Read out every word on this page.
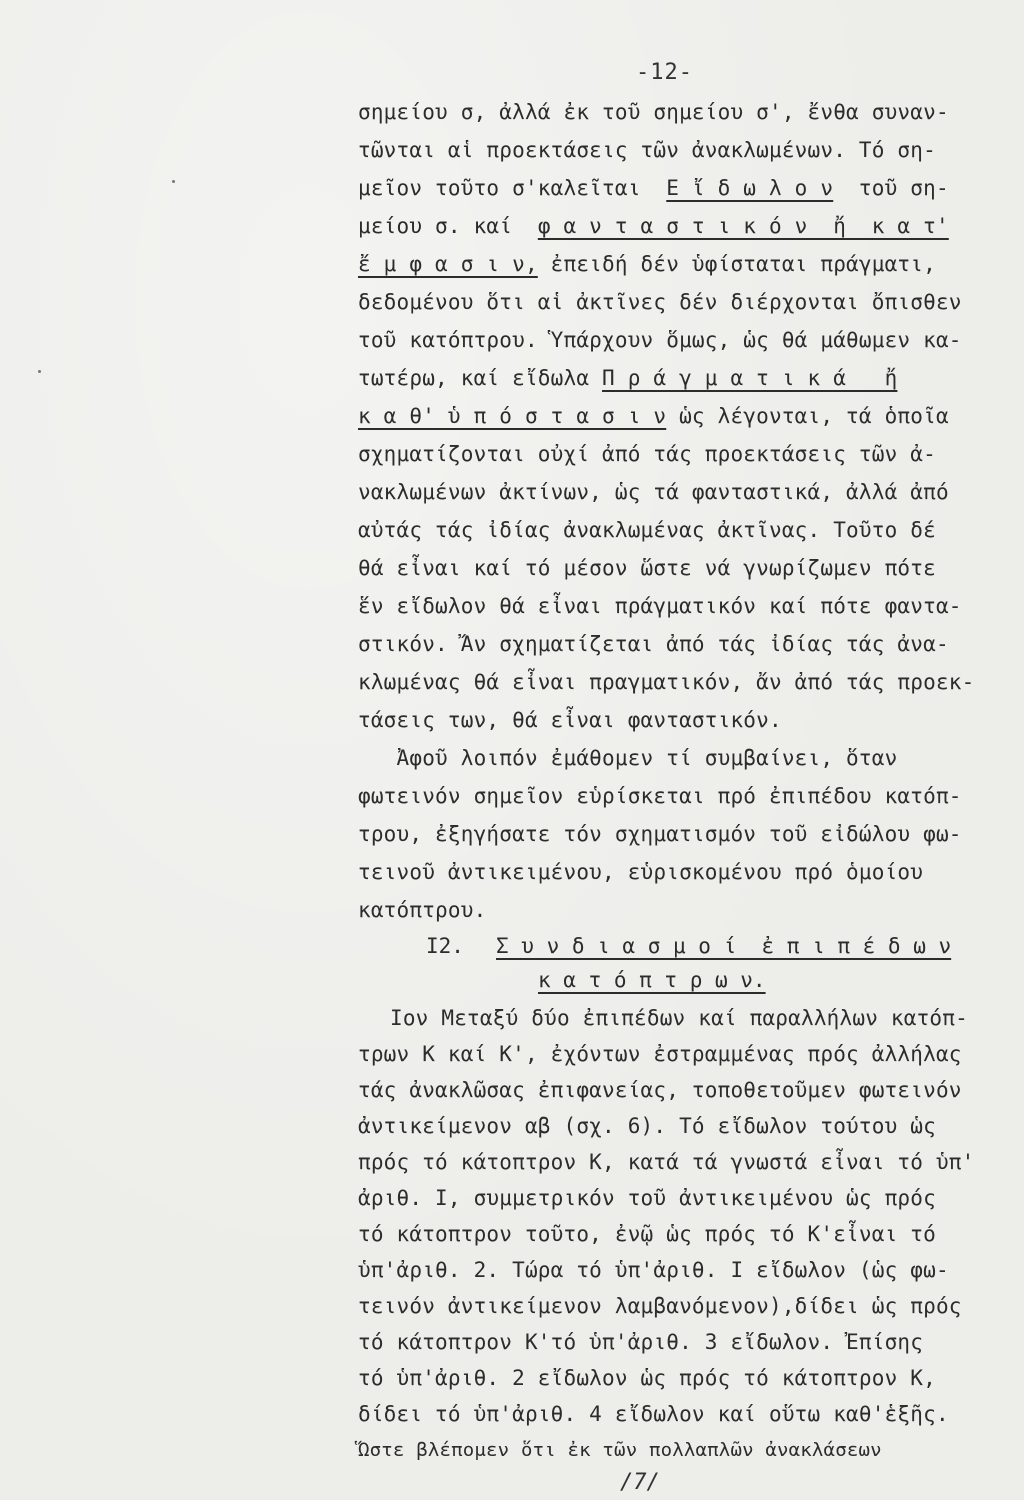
-12-
σημείου σ, ἀλλά ἐκ τοῦ σημείου σ', ἔνθα συναν-
τῶνται αἱ προεκτάσεις τῶν ἀνακλωμένων. Τό ση-
μεῖον τοῦτο σ'καλεῖται Ε ἴ δ ω λ ο ν τοῦ ση-
μείου σ. καί φ α ν τ α σ τ ι κ ό ν  ἤ  κ α τ'
ἔ μ φ α σ ι ν, ἐπειδή δέν ὑφίσταται πράγματι,
δεδομένου ὅτι αἱ ἀκτῖνες δέν διέρχονται ὄπισθεν
τοῦ κατόπτρου. Ὑπάρχουν ὅμως, ὡς θά μάθωμεν κα-
τωτέρω, καί εἴδωλα Π ρ ά γ μ α τ ι κ ά   ἤ
κ α θ' ὑ π ό σ τ α σ ι ν ὡς λέγονται, τά ὁποῖα
σχηματίζονται οὐχί ἀπό τάς προεκτάσεις τῶν ἀ-
νακλωμένων ἀκτίνων, ὡς τά φανταστικά, ἀλλά ἀπό
αὐτάς τάς ἰδίας ἀνακλωμένας ἀκτῖνας. Τοῦτο δέ
θά εἶναι καί τό μέσον ὥστε νά γνωρίζωμεν πότε
ἕν εἴδωλον θά εἶναι πράγματικόν καί πότε φαντα-
στικόν. Ἄν σχηματίζεται ἀπό τάς ἰδίας τάς ἀνα-
κλωμένας θά εἶναι πραγματικόν, ἄν ἀπό τάς προεκ-
τάσεις των, θά εἶναι φανταστικόν.
Ἀφοῦ λοιπόν ἐμάθομεν τί συμβαίνει, ὅταν
φωτεινόν σημεῖον εὑρίσκεται πρό ἐπιπέδου κατόπ-
τρου, ἐξηγήσατε τόν σχηματισμόν τοῦ εἰδώλου φω-
τεινοῦ ἀντικειμένου, εὑρισκομένου πρό ὁμοίου
κατόπτρου.
I2. Σ υ ν δ ι α σ μ ο ί  ἐ π ι π έ δ ω ν
κ α τ ό π τ ρ ω ν.
Ιον Μεταξύ δύο ἐπιπέδων καί παραλλήλων κατόπ-
τρων Κ καί Κ', ἐχόντων ἐστραμμένας πρός ἀλλήλας
τάς ἀνακλῶσας ἐπιφανείας, τοποθετοῦμεν φωτεινόν
ἀντικείμενον αβ (σχ. 6). Τό εἴδωλον τούτου ὡς
πρός τό κάτοπτρον Κ, κατά τά γνωστά εἶναι τό ὑπ'
ἀριθ. Ι, συμμετρικόν τοῦ ἀντικειμένου ὡς πρός
τό κάτοπτρον τοῦτο, ἐνῷ ὡς πρός τό Κ'εἶναι τό
ὑπ'ἀριθ. 2. Τώρα τό ὑπ'ἀριθ. Ι εἴδωλον (ὡς φω-
τεινόν ἀντικείμενον λαμβανόμενον),δίδει ὡς πρός
τό κάτοπτρον Κ'τό ὑπ'ἀριθ. 3 εἴδωλον. Ἐπίσης
τό ὑπ'ἀριθ. 2 εἴδωλον ὡς πρός τό κάτοπτρον Κ,
δίδει τό ὑπ'ἀριθ. 4 εἴδωλον καί οὕτω καθ'ἑξῆς.
Ὥστε βλέπομεν ὅτι ἐκ τῶν πολλαπλῶν ἀνακλάσεων
/7/
